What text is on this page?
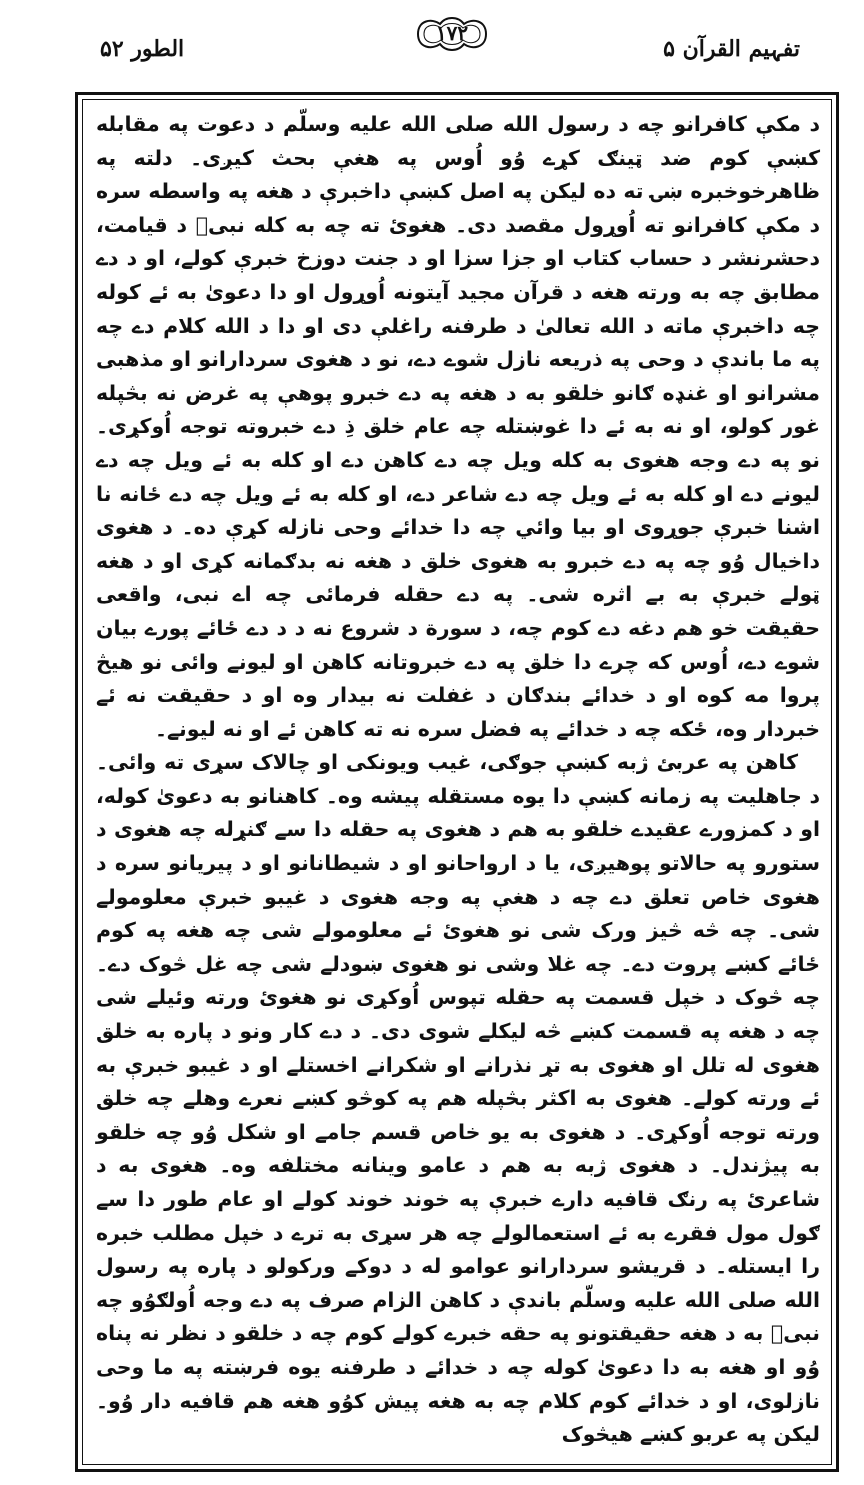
الطور ۵۲
۱۷۲
تفہیم القرآن ۵

د مکې کافرانو چه د رسول الله صلی الله علیه وسلّم د دعوت په مقابله کښې کوم ضد ټینګ کړے وُو اُوس په هغې بحث کیږی۔ دلته په ظاهرخوخبره ښۍ ته ده لیکن په اصل کښې داخبرې د هغه په واسطه سره د مکې کافرانو ته اُوړول مقصد دی۔ هغوئ ته چه به کله نبیؐ د قیامت، دحشرنشر د حساب کتاب او جزا سزا او د جنت دوزخ خبرې کولے، او د دے مطابق چه به ورته هغه د قرآن مجید آیتونه اُوړول او دا دعویٰ به ئے کوله چه داخبرې ماته د الله تعالیٰ د طرفنه راغلې دی او دا د الله کلام دے چه په ما باندې د وحی په ذریعه نازل شوے دے، نو د هغوی سردارانو او مذهبی مشرانو او غنډه ګانو خلقو به د هغه په دے خبرو پوهې په غرض نه بڅپله غور کولو، او نه به ئے دا غوښتله چه عام خلق ذِ دے خبروته توجه اُوکړی۔ نو په دے وجه هغوی به کله ویل چه دے کاهن دے او کله به ئے ویل چه دے لیونے دے او کله به ئے ویل چه دے شاعر دے، او کله به ئے ویل چه دے ځانه نا اشنا خبرې جوړوی او بیا وائي چه دا خدائے وحی نازله کړې ده۔ د هغوی داخیال وُو چه په دے خبرو به هغوی خلق د هغه نه بدګمانه کړی او د هغه ټولے خبرې به بے اثره شی۔ په دے حقله فرمائی چه اے نبی، واقعی حقیقت خو هم دغه دے کوم چه، د سورة د شروع نه د د دے ځائے پورے بیان شوے دے، اُوس که چرے دا خلق په دے خبروتانه کاهن او لیونے وائی نو هیڅ پروا مه کوه او د خدائے بندګان د غفلت نه بیدار وه او د حقیقت نه ئے خبردار وه، ځکه چه د خدائے په فضل سره نه ته کاهن ئے او نه لیونے۔

کاهن په عربئ ژبه کښې جوګی، غیب ویونکی او چالاک سړی ته وائی۔ د جاهلیت په زمانه کښې دا یوه مستقله پیشه وه۔ کاهنانو به دعویٰ کوله، او د کمزورے عقیدے خلقو به هم د هغوی په حقله دا سے ګنړله چه هغوی د ستورو په حالاتو پوهیږی، یا د ارواحانو او د شیطانانو او د پیریانو سره د هغوی خاص تعلق دے چه د هغې په وجه هغوی د غیبو خبرې معلومولے شی۔ چه څه څیز ورک شی نو هغوئ ئے معلومولے شی چه هغه په کوم ځائے کښے پروت دے۔ چه غلا وشی نو هغوی ښودلے شی چه غل څوک دے۔ چه څوک د خپل قسمت په حقله تپوس اُوکړی نو هغوئ ورته وئیلے شی چه د هغه په قسمت کښے څه لیکلے شوی دی۔ د دے کار ونو د پاره به خلق هغوی له تلل او هغوی به تړ نذرانے او شکرانے اخستلے او د غیبو خبرې به ئے ورته کولے۔ هغوی به اکثر بڅپله هم په کوڅو کښے نعرے وهلے چه خلق ورته توجه اُوکړی۔ د هغوی به یو خاص قسم جامے او شکل وُو چه خلقو به پیژندل۔ د هغوی ژبه به هم د عامو وینانه مختلفه وه۔ هغوی به د شاعرئ په رنګ قافیه دارے خبرې په خوند خوند کولے او عام طور دا سے ګول مول فقرے به ئے استعمالولے چه هر سړی به ترے د خپل مطلب خبره را ایستله۔ د قریشو سردارانو عوامو له د دوکے ورکولو د پاره په رسول الله صلی الله علیه وسلّم باندې د کاهن الزام صرف په دے وجه اُولګوُو چه نبیؐ به د هغه حقیقتونو په حقه خبرے کولے کوم چه د خلقو د نظر نه پناه وُو او هغه به دا دعویٰ کوله چه د خدائے د طرفنه یوه فرښته په ما وحی نازلوی، او د خدائے کوم کلام چه به هغه پیش کوُو هغه هم قافیه دار وُو۔ لیکن په عربو کښے هیڅوک
